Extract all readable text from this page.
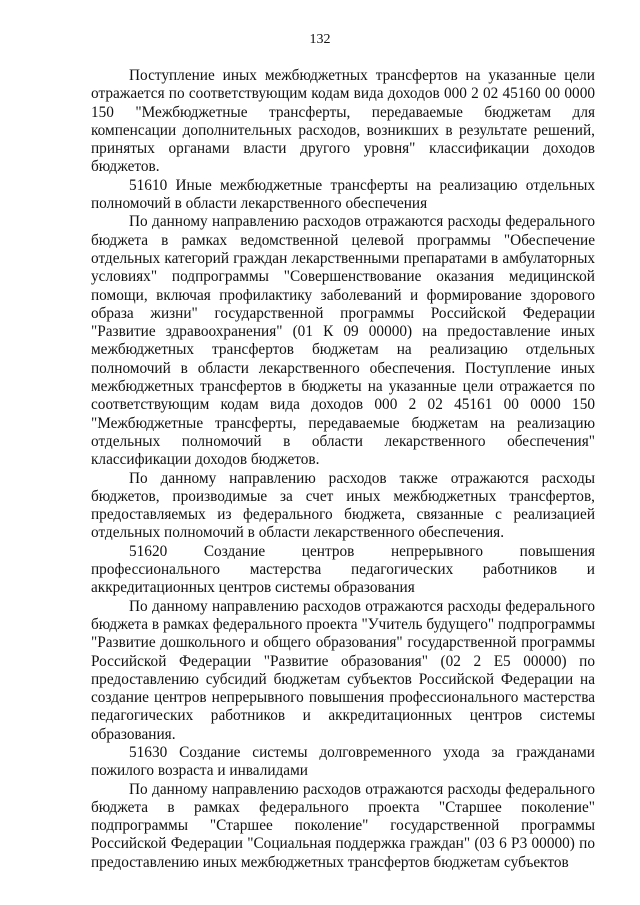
132

Поступление иных межбюджетных трансфертов на указанные цели отражается по соответствующим кодам вида доходов 000 2 02 45160 00 0000 150 "Межбюджетные трансферты, передаваемые бюджетам для компенсации дополнительных расходов, возникших в результате решений, принятых органами власти другого уровня" классификации доходов бюджетов.

51610 Иные межбюджетные трансферты на реализацию отдельных полномочий в области лекарственного обеспечения

По данному направлению расходов отражаются расходы федерального бюджета в рамках ведомственной целевой программы "Обеспечение отдельных категорий граждан лекарственными препаратами в амбулаторных условиях" подпрограммы "Совершенствование оказания медицинской помощи, включая профилактику заболеваний и формирование здорового образа жизни" государственной программы Российской Федерации "Развитие здравоохранения" (01 К 09 00000) на предоставление иных межбюджетных трансфертов бюджетам на реализацию отдельных полномочий в области лекарственного обеспечения. Поступление иных межбюджетных трансфертов в бюджеты на указанные цели отражается по соответствующим кодам вида доходов 000 2 02 45161 00 0000 150 "Межбюджетные трансферты, передаваемые бюджетам на реализацию отдельных полномочий в области лекарственного обеспечения" классификации доходов бюджетов.

По данному направлению расходов также отражаются расходы бюджетов, производимые за счет иных межбюджетных трансфертов, предоставляемых из федерального бюджета, связанные с реализацией отдельных полномочий в области лекарственного обеспечения.

51620 Создание центров непрерывного повышения профессионального мастерства педагогических работников и аккредитационных центров системы образования

По данному направлению расходов отражаются расходы федерального бюджета в рамках федерального проекта "Учитель будущего" подпрограммы "Развитие дошкольного и общего образования" государственной программы Российской Федерации "Развитие образования" (02 2 Е5 00000) по предоставлению субсидий бюджетам субъектов Российской Федерации на создание центров непрерывного повышения профессионального мастерства педагогических работников и аккредитационных центров системы образования.

51630 Создание системы долговременного ухода за гражданами пожилого возраста и инвалидами

По данному направлению расходов отражаются расходы федерального бюджета в рамках федерального проекта "Старшее поколение" подпрограммы "Старшее поколение" государственной программы Российской Федерации "Социальная поддержка граждан" (03 6 Р3 00000) по предоставлению иных межбюджетных трансфертов бюджетам субъектов
